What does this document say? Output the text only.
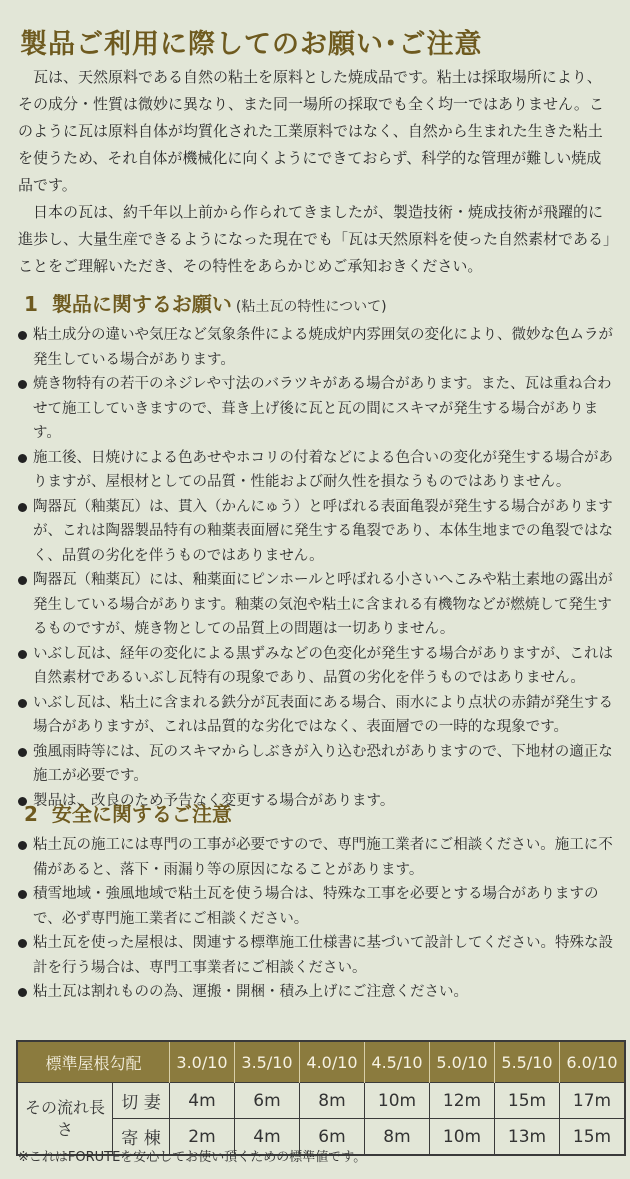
製品ご利用に際してのお願い･ご注意

瓦は、天然原料である自然の粘土を原料とした焼成品です。粘土は採取場所により、その成分・性質は微妙に異なり、また同一場所の採取でも全く均一ではありません。このように瓦は原料自体が均質化された工業原料ではなく、自然から生まれた生きた粘土を使うため、それ自体が機械化に向くようにできておらず、科学的な管理が難しい焼成品です。

日本の瓦は、約千年以上前から作られてきましたが、製造技術・焼成技術が飛躍的に進歩し、大量生産できるようになった現在でも「瓦は天然原料を使った自然素材である」ことをご理解いただき、その特性をあらかじめご承知おきください。

1 製品に関するお願い (粘土瓦の特性について)
粘土成分の違いや気圧など気象条件による焼成炉内雰囲気の変化により、微妙な色ムラが発生している場合があります。
焼き物特有の若干のネジレや寸法のバラツキがある場合があります。また、瓦は重ね合わせて施工していきますので、葺き上げ後に瓦と瓦の間にスキマが発生する場合があります。
施工後、日焼けによる色あせやホコリの付着などによる色合いの変化が発生する場合がありますが、屋根材としての品質・性能および耐久性を損なうものではありません。
陶器瓦（釉薬瓦）は、貫入（かんにゅう）と呼ばれる表面亀裂が発生する場合がありますが、これは陶器製品特有の釉薬表面層に発生する亀裂であり、本体生地までの亀裂ではなく、品質の劣化を伴うものではありません。
陶器瓦（釉薬瓦）には、釉薬面にピンホールと呼ばれる小さいへこみや粘土素地の露出が発生している場合があります。釉薬の気泡や粘土に含まれる有機物などが燃焼して発生するものですが、焼き物としての品質上の問題は一切ありません。
いぶし瓦は、経年の変化による黒ずみなどの色変化が発生する場合がありますが、これは自然素材であるいぶし瓦特有の現象であり、品質の劣化を伴うものではありません。
いぶし瓦は、粘土に含まれる鉄分が瓦表面にある場合、雨水により点状の赤錆が発生する場合がありますが、これは品質的な劣化ではなく、表面層での一時的な現象です。
強風雨時等には、瓦のスキマからしぶきが入り込む恐れがありますので、下地材の適正な施工が必要です。
製品は、改良のため予告なく変更する場合があります。
2 安全に関するご注意
粘土瓦の施工には専門の工事が必要ですので、専門施工業者にご相談ください。施工に不備があると、落下・雨漏り等の原因になることがあります。
積雪地域・強風地域で粘土瓦を使う場合は、特殊な工事を必要とする場合がありますので、必ず専門施工業者にご相談ください。
粘土瓦を使った屋根は、関連する標準施工仕様書に基づいて設計してください。特殊な設計を行う場合は、専門工事業者にご相談ください。
粘土瓦は割れものの為、運搬・開梱・積み上げにご注意ください。
標準屋根勾配		3.0/10	3.5/10	4.0/10	4.5/10	5.0/10	5.5/10	6.0/10
その流れ長さ	切 妻	4m	6m	8m	10m	12m	15m	17m
	寄 棟	2m	4m	6m	8m	10m	13m	15m
※これはFORUTEを安心してお使い頂くための標準値です。
